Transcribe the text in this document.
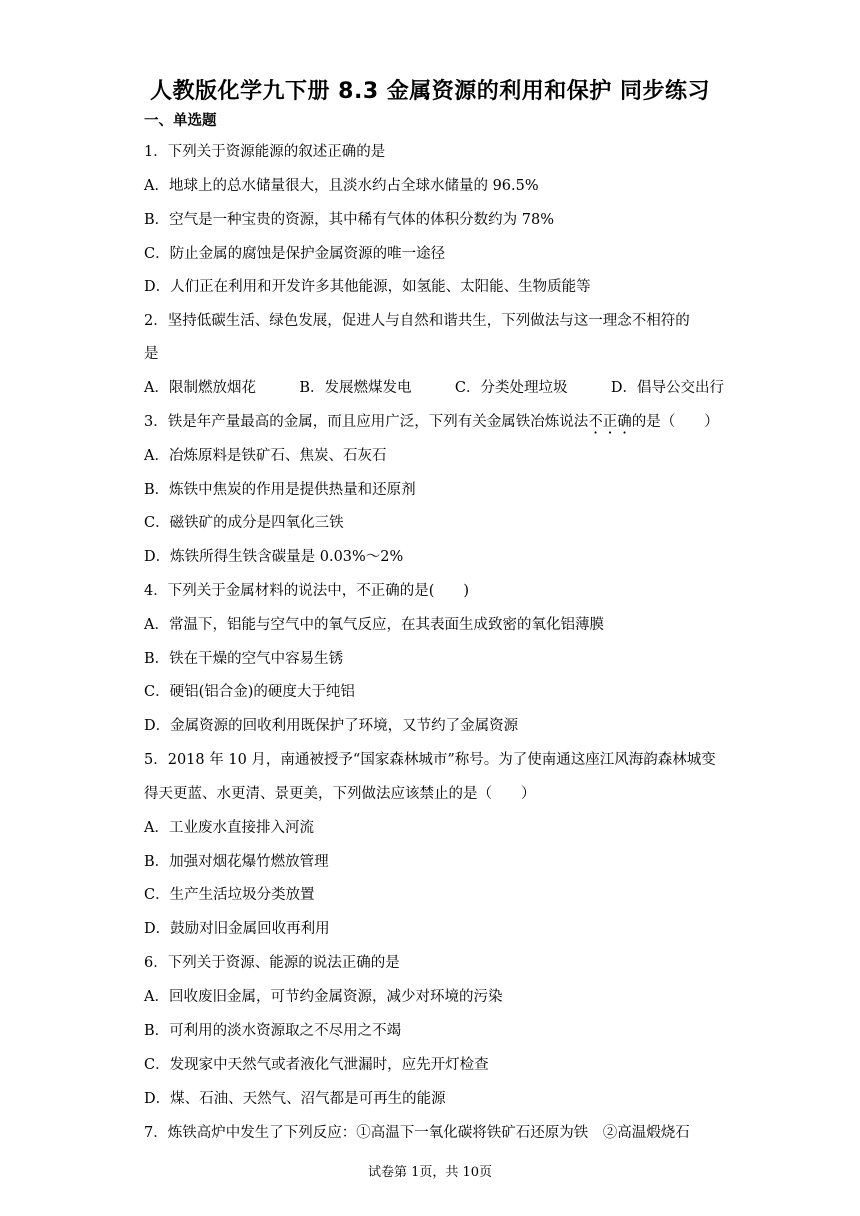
人教版化学九下册 8.3 金属资源的利用和保护 同步练习
一、单选题
1．下列关于资源能源的叙述正确的是
A．地球上的总水储量很大，且淡水约占全球水储量的 96.5%
B．空气是一种宝贵的资源，其中稀有气体的体积分数约为 78%
C．防止金属的腐蚀是保护金属资源的唯一途径
D．人们正在利用和开发许多其他能源，如氢能、太阳能、生物质能等
2．坚持低碳生活、绿色发展，促进人与自然和谐共生，下列做法与这一理念不相符的
是
A．限制燃放烟花	B．发展燃煤发电	C．分类处理垃圾	D．倡导公交出行
3．铁是年产量最高的金属，而且应用广泛，下列有关金属铁冶炼说法不正确的是（　　）
A．冶炼原料是铁矿石、焦炭、石灰石
B．炼铁中焦炭的作用是提供热量和还原剂
C．磁铁矿的成分是四氧化三铁
D．炼铁所得生铁含碳量是 0.03%～2%
4．下列关于金属材料的说法中，不正确的是(　　)
A．常温下，铝能与空气中的氧气反应，在其表面生成致密的氧化铝薄膜
B．铁在干燥的空气中容易生锈
C．硬铝(铝合金)的硬度大于纯铝
D．金属资源的回收利用既保护了环境，又节约了金属资源
5．2018 年 10 月，南通被授予“国家森林城市”称号。为了使南通这座江风海韵森林城变
得天更蓝、水更清、景更美，下列做法应该禁止的是（　　）
A．工业废水直接排入河流
B．加强对烟花爆竹燃放管理
C．生产生活垃圾分类放置
D．鼓励对旧金属回收再利用
6．下列关于资源、能源的说法正确的是
A．回收废旧金属，可节约金属资源，减少对环境的污染
B．可利用的淡水资源取之不尽用之不竭
C．发现家中天然气或者液化气泄漏时，应先开灯检查
D．煤、石油、天然气、沼气都是可再生的能源
7．炼铁高炉中发生了下列反应：①高温下一氧化碳将铁矿石还原为铁　②高温煅烧石
试卷第 1页，共 10页
